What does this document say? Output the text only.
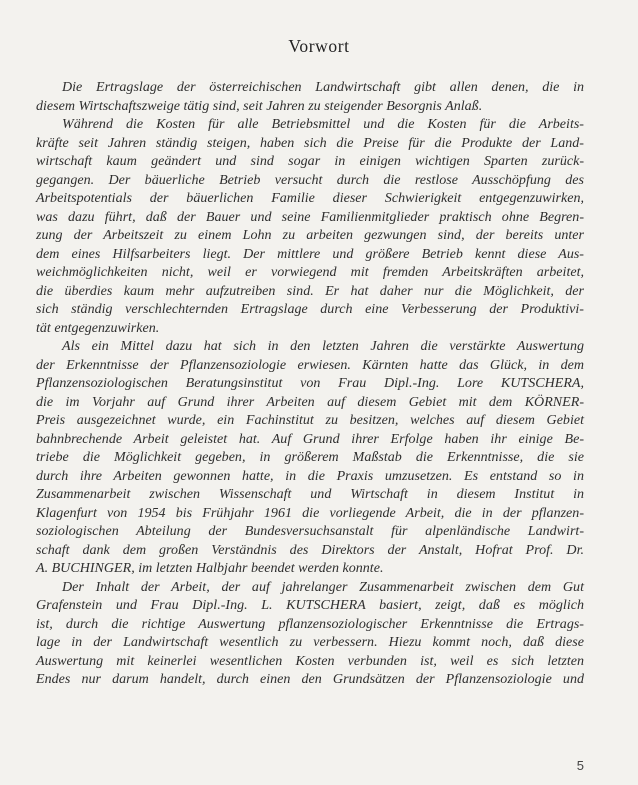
Vorwort

Die Ertragslage der österreichischen Landwirtschaft gibt allen denen, die in
diesem Wirtschaftszweige tätig sind, seit Jahren zu steigender Besorgnis Anlaß.

Während die Kosten für alle Betriebsmittel und die Kosten für die Arbeits-
kräfte seit Jahren ständig steigen, haben sich die Preise für die Produkte der Land-
wirtschaft kaum geändert und sind sogar in einigen wichtigen Sparten zurück-
gegangen. Der bäuerliche Betrieb versucht durch die restlose Ausschöpfung des
Arbeitspotentials der bäuerlichen Familie dieser Schwierigkeit entgegenzuwirken,
was dazu führt, daß der Bauer und seine Familienmitglieder praktisch ohne Begren-
zung der Arbeitszeit zu einem Lohn zu arbeiten gezwungen sind, der bereits unter
dem eines Hilfsarbeiters liegt. Der mittlere und größere Betrieb kennt diese Aus-
weichmöglichkeiten nicht, weil er vorwiegend mit fremden Arbeitskräften arbeitet,
die überdies kaum mehr aufzutreiben sind. Er hat daher nur die Möglichkeit, der
sich ständig verschlechternden Ertragslage durch eine Verbesserung der Produktivi-
tät entgegenzuwirken.

Als ein Mittel dazu hat sich in den letzten Jahren die verstärkte Auswertung
der Erkenntnisse der Pflanzensoziologie erwiesen. Kärnten hatte das Glück, in dem
Pflanzensoziologischen Beratungsinstitut von Frau Dipl.-Ing. Lore KUTSCHERA,
die im Vorjahr auf Grund ihrer Arbeiten auf diesem Gebiet mit dem KÖRNER-
Preis ausgezeichnet wurde, ein Fachinstitut zu besitzen, welches auf diesem Gebiet
bahnbrechende Arbeit geleistet hat. Auf Grund ihrer Erfolge haben ihr einige Be-
triebe die Möglichkeit gegeben, in größerem Maßstab die Erkenntnisse, die sie
durch ihre Arbeiten gewonnen hatte, in die Praxis umzusetzen. Es entstand so in
Zusammenarbeit zwischen Wissenschaft und Wirtschaft in diesem Institut in
Klagenfurt von 1954 bis Frühjahr 1961 die vorliegende Arbeit, die in der pflanzen-
soziologischen Abteilung der Bundesversuchsanstalt für alpenländische Landwirt-
schaft dank dem großen Verständnis des Direktors der Anstalt, Hofrat Prof. Dr.
A. BUCHINGER, im letzten Halbjahr beendet werden konnte.

Der Inhalt der Arbeit, der auf jahrelanger Zusammenarbeit zwischen dem Gut
Grafenstein und Frau Dipl.-Ing. L. KUTSCHERA basiert, zeigt, daß es möglich
ist, durch die richtige Auswertung pflanzensoziologischer Erkenntnisse die Ertrags-
lage in der Landwirtschaft wesentlich zu verbessern. Hiezu kommt noch, daß diese
Auswertung mit keinerlei wesentlichen Kosten verbunden ist, weil es sich letzten
Endes nur darum handelt, durch einen den Grundsätzen der Pflanzensoziologie und

5
